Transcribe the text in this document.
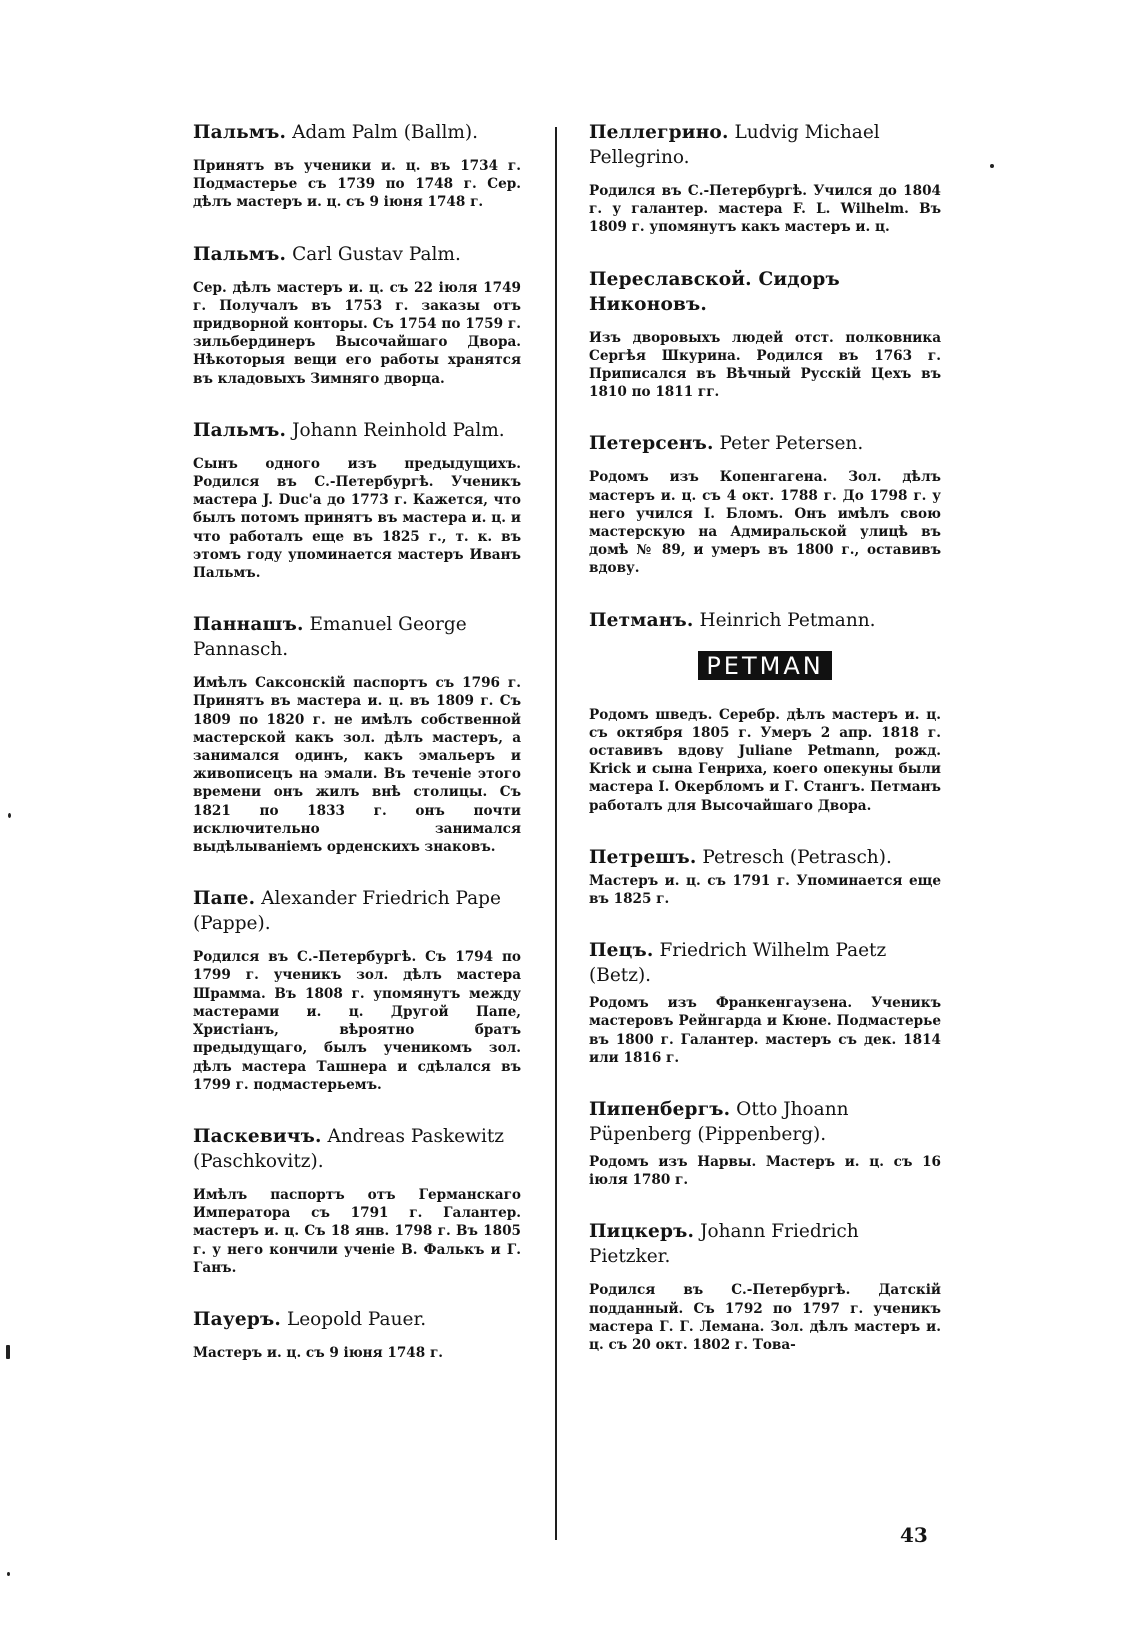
Пальмъ. Adam Palm (Ballm).

Принятъ въ ученики и. ц. въ 1734 г. Подмастерье съ 1739 по 1748 г. Сер. дѣлъ мастеръ и. ц. съ 9 іюня 1748 г.

Пальмъ. Carl Gustav Palm.

Сер. дѣлъ мастеръ и. ц. съ 22 іюля 1749 г. Получалъ въ 1753 г. заказы отъ придворной конторы. Съ 1754 по 1759 г. зильбердинеръ Высочайшаго Двора. Нѣкоторыя вещи его работы хранятся въ кладовыхъ Зимняго дворца.

Пальмъ. Johann Reinhold Palm.

Сынъ одного изъ предыдущихъ. Родился въ С.-Петербургѣ. Ученикъ мастера J. Duc'a до 1773 г. Кажется, что былъ потомъ принятъ въ мастера и. ц. и что работалъ еще въ 1825 г., т. к. въ этомъ году упоминается мастеръ Иванъ Пальмъ.

Паннашъ. Emanuel George Pannasch.

Имѣлъ Саксонскій паспортъ съ 1796 г. Принятъ въ мастера и. ц. въ 1809 г. Съ 1809 по 1820 г. не имѣлъ собственной мастерской какъ зол. дѣлъ мастеръ, а занимался одинъ, какъ эмальеръ и живописецъ на эмали. Въ теченіе этого времени онъ жилъ внѣ столицы. Съ 1821 по 1833 г. онъ почти исключительно занимался выдѣлываніемъ орденскихъ знаковъ.

Папе. Alexander Friedrich Pape (Pappe).

Родился въ С.-Петербургѣ. Съ 1794 по 1799 г. ученикъ зол. дѣлъ мастера Шрамма. Въ 1808 г. упомянутъ между мастерами и. ц. Другой Папе, Христіанъ, вѣроятно братъ предыдущаго, былъ ученикомъ зол. дѣлъ мастера Ташнера и сдѣлался въ 1799 г. подмастерьемъ.

Паскевичъ. Andreas Paskewitz (Paschkovitz).

Имѣлъ паспортъ отъ Германскаго Императора съ 1791 г. Галантер. мастеръ и. ц. Съ 18 янв. 1798 г. Въ 1805 г. у него кончили ученіе В. Фалькъ и Г. Ганъ.

Пауеръ. Leopold Pauer.

Мастеръ и. ц. съ 9 іюня 1748 г.

Пеллегрино. Ludvig Michael Pellegrino.

Родился въ С.-Петербургѣ. Учился до 1804 г. у галантер. мастера F. L. Wilhelm. Въ 1809 г. упомянутъ какъ мастеръ и. ц.

Переславской. Сидоръ Никоновъ.

Изъ дворовыхъ людей отст. полковника Сергѣя Шкурина. Родился въ 1763 г. Приписался въ Вѣчный Русскій Цехъ въ 1810 по 1811 гг.

Петерсенъ. Peter Petersen.

Родомъ изъ Копенгагена. Зол. дѣлъ мастеръ и. ц. съ 4 окт. 1788 г. До 1798 г. у него учился І. Бломъ. Онъ имѣлъ свою мастерскую на Адмиральской улицѣ въ домѣ № 89, и умеръ въ 1800 г., оставивъ вдову.

Петманъ. Heinrich Petmann.

PETMAN

Родомъ шведъ. Серебр. дѣлъ мастеръ и. ц. съ октября 1805 г. Умеръ 2 апр. 1818 г. оставивъ вдову Juliane Petmann, рожд. Krick и сына Генриха, коего опекуны были мастера І. Окербломъ и Г. Стангъ. Петманъ работалъ для Высочайшаго Двора.

Петрешъ. Petresch (Petrasch).

Мастеръ и. ц. съ 1791 г. Упоминается еще въ 1825 г.

Пецъ. Friedrich Wilhelm Paetz (Betz).

Родомъ изъ Франкенгаузена. Ученикъ мастеровъ Рейнгарда и Кюне. Подмастерье въ 1800 г. Галантер. мастеръ съ дек. 1814 или 1816 г.

Пипенбергъ. Otto Jhoann Püpenberg (Pippenberg).

Родомъ изъ Нарвы. Мастеръ и. ц. съ 16 іюля 1780 г.

Пицкеръ. Johann Friedrich Pietzker.

Родился въ С.-Петербургѣ. Датскій подданный. Съ 1792 по 1797 г. ученикъ мастера Г. Г. Лемана. Зол. дѣлъ мастеръ и. ц. съ 20 окт. 1802 г. Това-

43
